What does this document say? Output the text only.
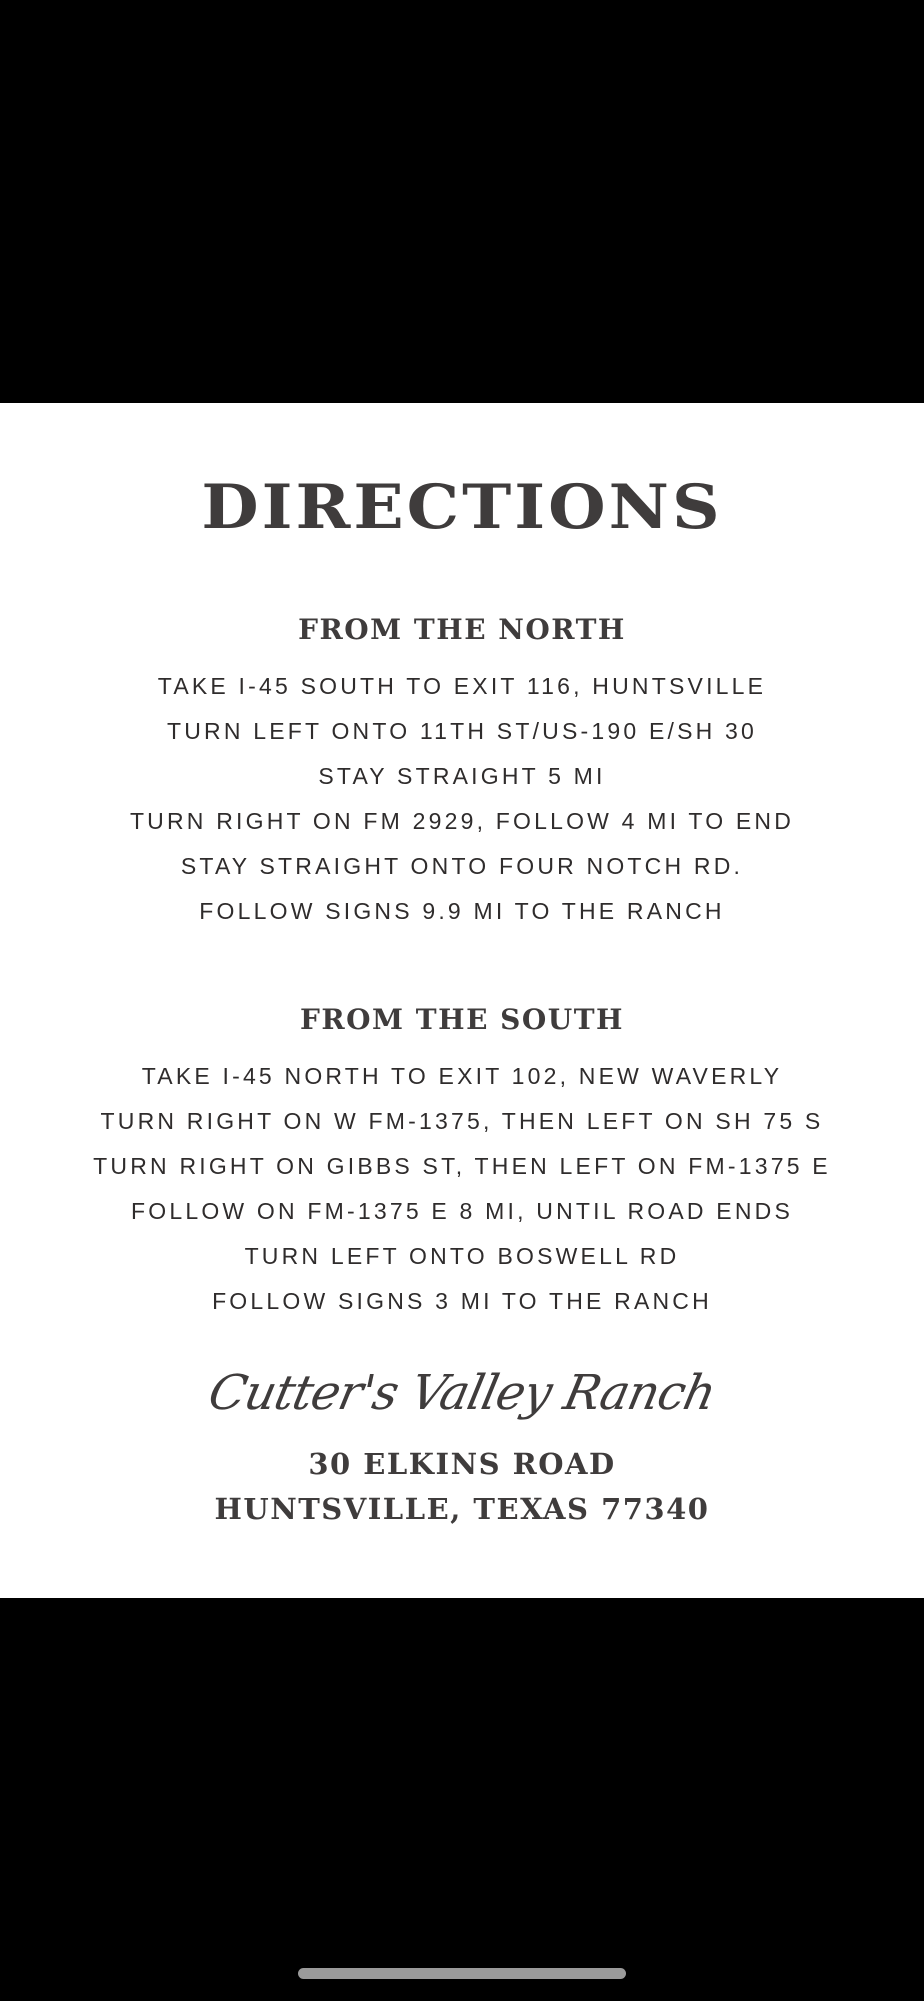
DIRECTIONS
FROM THE NORTH
TAKE I-45 SOUTH TO EXIT 116, HUNTSVILLE
TURN LEFT ONTO 11TH ST/US-190 E/SH 30
STAY STRAIGHT 5 MI
TURN RIGHT ON FM 2929, FOLLOW 4 MI TO END
STAY STRAIGHT ONTO FOUR NOTCH RD.
FOLLOW SIGNS 9.9 MI TO THE RANCH
FROM THE SOUTH
TAKE I-45 NORTH TO EXIT 102, NEW WAVERLY
TURN RIGHT ON W FM-1375, THEN LEFT ON SH 75 S
TURN RIGHT ON GIBBS ST, THEN LEFT ON FM-1375 E
FOLLOW ON FM-1375 E 8 MI, UNTIL ROAD ENDS
TURN LEFT ONTO BOSWELL RD
FOLLOW SIGNS 3 MI TO THE RANCH
Cutter's Valley Ranch
30 ELKINS ROAD
HUNTSVILLE, TEXAS 77340
